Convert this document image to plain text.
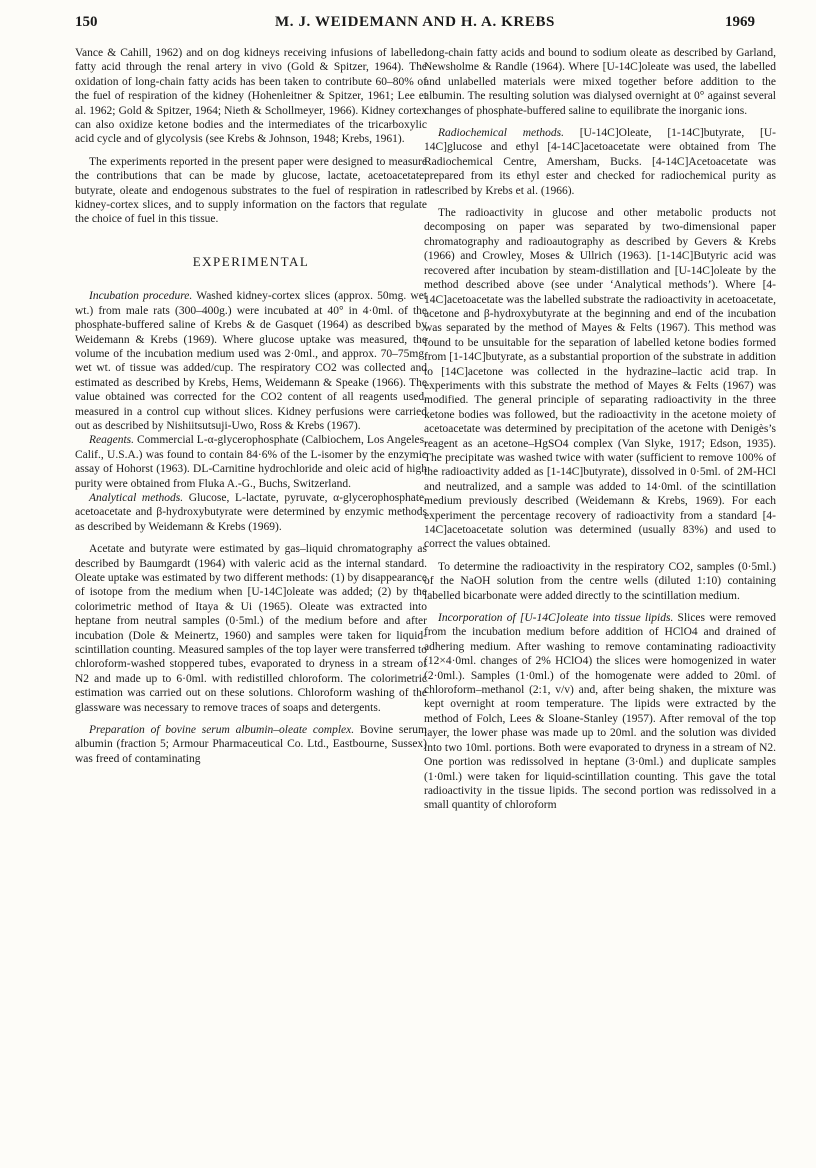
150	M. J. WEIDEMANN AND H. A. KREBS	1969

Vance & Cahill, 1962) and on dog kidneys receiving infusions of labelled fatty acid through the renal artery in vivo (Gold & Spitzer, 1964). The oxidation of long-chain fatty acids has been taken to contribute 60–80% of the fuel of respiration of the kidney (Hohenleitner & Spitzer, 1961; Lee et al. 1962; Gold & Spitzer, 1964; Nieth & Schollmeyer, 1966). Kidney cortex can also oxidize ketone bodies and the intermediates of the tricarboxylic acid cycle and of glycolysis (see Krebs & Johnson, 1948; Krebs, 1961).

The experiments reported in the present paper were designed to measure the contributions that can be made by glucose, lactate, acetoacetate, butyrate, oleate and endogenous substrates to the fuel of respiration in rat kidney-cortex slices, and to supply information on the factors that regulate the choice of fuel in this tissue.

EXPERIMENTAL

Incubation procedure. Washed kidney-cortex slices (approx. 50mg. wet wt.) from male rats (300–400g.) were incubated at 40° in 4·0ml. of the phosphate-buffered saline of Krebs & de Gasquet (1964) as described by Weidemann & Krebs (1969). Where glucose uptake was measured, the volume of the incubation medium used was 2·0ml., and approx. 70–75mg. wet wt. of tissue was added/cup. The respiratory CO2 was collected and estimated as described by Krebs, Hems, Weidemann & Speake (1966). The value obtained was corrected for the CO2 content of all reagents used, measured in a control cup without slices. Kidney perfusions were carried out as described by Nishiitsutsuji-Uwo, Ross & Krebs (1967).

Reagents. Commercial L-α-glycerophosphate (Calbiochem, Los Angeles, Calif., U.S.A.) was found to contain 84·6% of the L-isomer by the enzymic assay of Hohorst (1963). DL-Carnitine hydrochloride and oleic acid of high purity were obtained from Fluka A.-G., Buchs, Switzerland.

Analytical methods. Glucose, L-lactate, pyruvate, α-glycerophosphate, acetoacetate and β-hydroxybutyrate were determined by enzymic methods as described by Weidemann & Krebs (1969).

Acetate and butyrate were estimated by gas–liquid chromatography as described by Baumgardt (1964) with valeric acid as the internal standard. Oleate uptake was estimated by two different methods: (1) by disappearance of isotope from the medium when [U-14C]oleate was added; (2) by the colorimetric method of Itaya & Ui (1965). Oleate was extracted into heptane from neutral samples (0·5ml.) of the medium before and after incubation (Dole & Meinertz, 1960) and samples were taken for liquid-scintillation counting. Measured samples of the top layer were transferred to chloroform-washed stoppered tubes, evaporated to dryness in a stream of N2 and made up to 6·0ml. with redistilled chloroform. The colorimetric estimation was carried out on these solutions. Chloroform washing of the glassware was necessary to remove traces of soaps and detergents.

Preparation of bovine serum albumin–oleate complex. Bovine serum albumin (fraction 5; Armour Pharmaceutical Co. Ltd., Eastbourne, Sussex) was freed of contaminating

long-chain fatty acids and bound to sodium oleate as described by Garland, Newsholme & Randle (1964). Where [U-14C]oleate was used, the labelled and unlabelled materials were mixed together before addition to the albumin. The resulting solution was dialysed overnight at 0° against several changes of phosphate-buffered saline to equilibrate the inorganic ions.

Radiochemical methods. [U-14C]Oleate, [1-14C]butyrate, [U-14C]glucose and ethyl [4-14C]acetoacetate were obtained from The Radiochemical Centre, Amersham, Bucks. [4-14C]Acetoacetate was prepared from its ethyl ester and checked for radiochemical purity as described by Krebs et al. (1966).

The radioactivity in glucose and other metabolic products not decomposing on paper was separated by two-dimensional paper chromatography and radioautography as described by Gevers & Krebs (1966) and Crowley, Moses & Ullrich (1963). [1-14C]Butyric acid was recovered after incubation by steam-distillation and [U-14C]oleate by the method described above (see under ‘Analytical methods’). Where [4-14C]acetoacetate was the labelled substrate the radioactivity in acetoacetate, acetone and β-hydroxybutyrate at the beginning and end of the incubation was separated by the method of Mayes & Felts (1967). This method was found to be unsuitable for the separation of labelled ketone bodies formed from [1-14C]butyrate, as a substantial proportion of the substrate in addition to [14C]acetone was collected in the hydrazine–lactic acid trap. In experiments with this substrate the method of Mayes & Felts (1967) was modified. The general principle of separating radioactivity in the three ketone bodies was followed, but the radioactivity in the acetone moiety of acetoacetate was determined by precipitation of the acetone with Denigès’s reagent as an acetone–HgSO4 complex (Van Slyke, 1917; Edson, 1935). The precipitate was washed twice with water (sufficient to remove 100% of the radioactivity added as [1-14C]butyrate), dissolved in 0·5ml. of 2M-HCl and neutralized, and a sample was added to 14·0ml. of the scintillation medium previously described (Weidemann & Krebs, 1969). For each experiment the percentage recovery of radioactivity from a standard [4-14C]acetoacetate solution was determined (usually 83%) and used to correct the values obtained.

To determine the radioactivity in the respiratory CO2, samples (0·5ml.) of the NaOH solution from the centre wells (diluted 1:10) containing labelled bicarbonate were added directly to the scintillation medium.

Incorporation of [U-14C]oleate into tissue lipids. Slices were removed from the incubation medium before addition of HClO4 and drained of adhering medium. After washing to remove contaminating radioactivity (12×4·0ml. changes of 2% HClO4) the slices were homogenized in water (2·0ml.). Samples (1·0ml.) of the homogenate were added to 20ml. of chloroform–methanol (2:1, v/v) and, after being shaken, the mixture was kept overnight at room temperature. The lipids were extracted by the method of Folch, Lees & Sloane-Stanley (1957). After removal of the top layer, the lower phase was made up to 20ml. and the solution was divided into two 10ml. portions. Both were evaporated to dryness in a stream of N2. One portion was redissolved in heptane (3·0ml.) and duplicate samples (1·0ml.) were taken for liquid-scintillation counting. This gave the total radioactivity in the tissue lipids. The second portion was redissolved in a small quantity of chloroform
